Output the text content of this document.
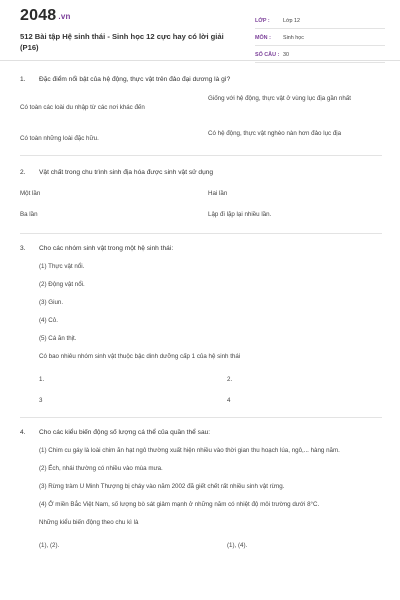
2048 .vn
512 Bài tập Hệ sinh thái - Sinh học 12 cực hay có lời giải (P16)
LỚP :	Lớp 12
MÔN :	Sinh học
SỐ CÂU : 30
1. Đặc điểm nổi bật của hệ động, thực vật trên đảo đại dương là gì?
Có toàn các loài du nhập từ các nơi khác đến
Giống với hệ động, thực vật ở vùng lục địa gần nhất
Có toàn những loài đặc hữu.
Có hệ động, thực vật nghèo nàn hơn đảo lục địa
2. Vật chất trong chu trình sinh địa hóa được sinh vật sử dụng
Một lần	Hai lần
Ba lần	Lập đi lặp lại nhiều lần.
3. Cho các nhóm sinh vật trong một hệ sinh thái:
(1) Thực vật nổi.
(2) Động vật nổi.
(3) Giun.
(4) Cỏ.
(5) Cá ăn thịt.
Có bao nhiêu nhóm sinh vật thuộc bậc dinh dưỡng cấp 1 của hệ sinh thái
1.	2.
3	4
4. Cho các kiểu biến động số lượng cá thể của quần thể sau:
(1) Chim cu gáy là loài chim ăn hạt ngô thường xuất hiện nhiều vào thời gian thu hoạch lúa, ngô,... hàng năm.
(2) Ếch, nhái thường có nhiều vào mùa mưa.
(3) Rừng tràm U Minh Thượng bị cháy vào năm 2002 đã giết chết rất nhiều sinh vật rừng.
(4) Ở miền Bắc Việt Nam, số lượng bò sát giảm mạnh ở những năm có nhiệt độ môi trường dưới 8°C.
Những kiểu biến động theo chu kì là
(1), (2).	(1), (4).
